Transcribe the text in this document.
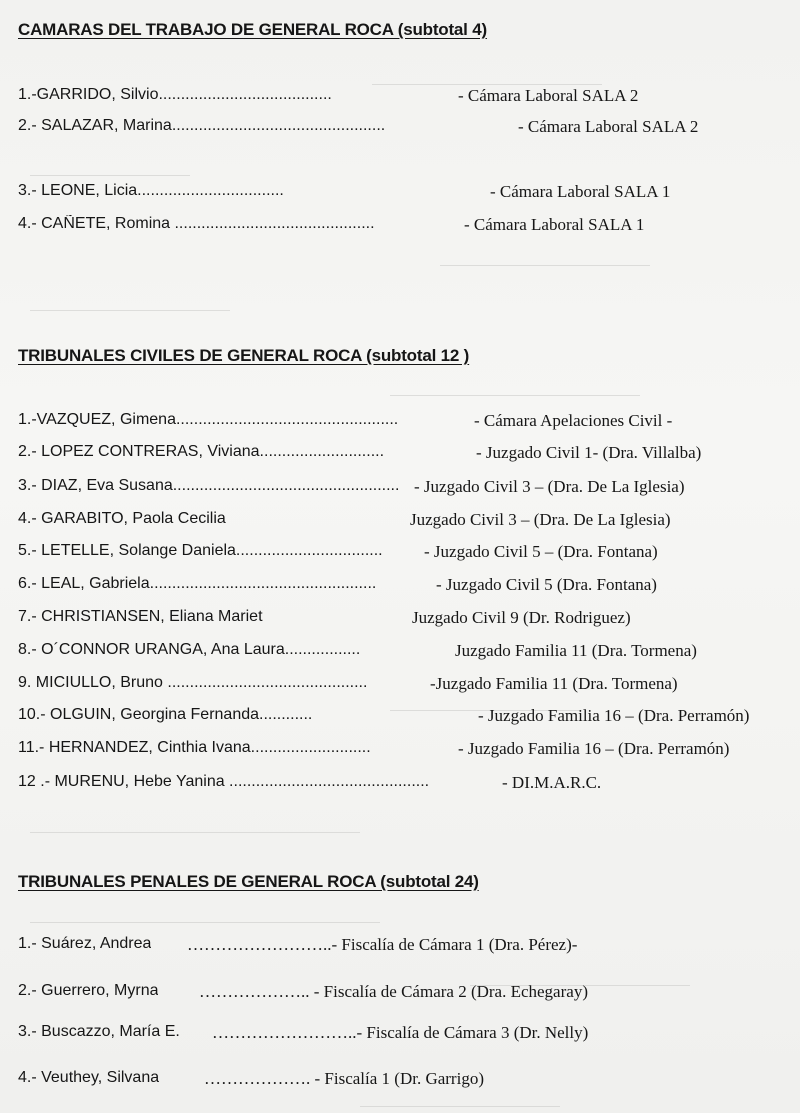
CAMARAS DEL TRABAJO DE GENERAL ROCA (subtotal 4)
1.-GARRIDO, Silvio.......................................	- Cámara Laboral SALA 2
2.- SALAZAR, Marina................................................	- Cámara Laboral SALA 2
3.- LEONE, Licia.................................	- Cámara Laboral SALA 1
4.- CAÑETE, Romina .............................................	- Cámara Laboral SALA 1
TRIBUNALES CIVILES DE GENERAL ROCA (subtotal 12 )
1.-VAZQUEZ, Gimena..................................................	- Cámara Apelaciones Civil -
2.- LOPEZ CONTRERAS, Viviana............................	- Juzgado Civil 1- (Dra. Villalba)
3.- DIAZ, Eva Susana................................................... - Juzgado Civil 3 – (Dra. De La Iglesia)
4.- GARABITO, Paola Cecilia	Juzgado Civil 3 – (Dra. De La Iglesia)
5.- LETELLE, Solange Daniela................................. - Juzgado Civil 5 – (Dra. Fontana)
6.- LEAL, Gabriela...................................................	- Juzgado Civil 5 (Dra. Fontana)
7.- CHRISTIANSEN, Eliana Mariet	Juzgado Civil 9 (Dr. Rodriguez)
8.- O´CONNOR URANGA, Ana Laura.................	Juzgado Familia 11 (Dra. Tormena)
9. MICIULLO, Bruno .............................................	-Juzgado Familia 11 (Dra. Tormena)
10.- OLGUIN, Georgina Fernanda............	- Juzgado Familia 16 – (Dra. Perramón)
11.- HERNANDEZ, Cinthia Ivana...........................	- Juzgado Familia 16 – (Dra. Perramón)
12 .- MURENU, Hebe Yanina .............................................	- DI.M.A.R.C.
TRIBUNALES PENALES DE GENERAL ROCA (subtotal 24)
1.- Suárez, Andrea ……………………..- Fiscalía de Cámara 1 (Dra. Pérez)-
2.- Guerrero, Myrna ……………….. - Fiscalía de Cámara 2 (Dra. Echegaray)
3.- Buscazzo, María E. ……………………..- Fiscalía de Cámara 3 (Dr. Nelly)
4.- Veuthey, Silvana	………………. - Fiscalía 1 (Dr. Garrigo)
